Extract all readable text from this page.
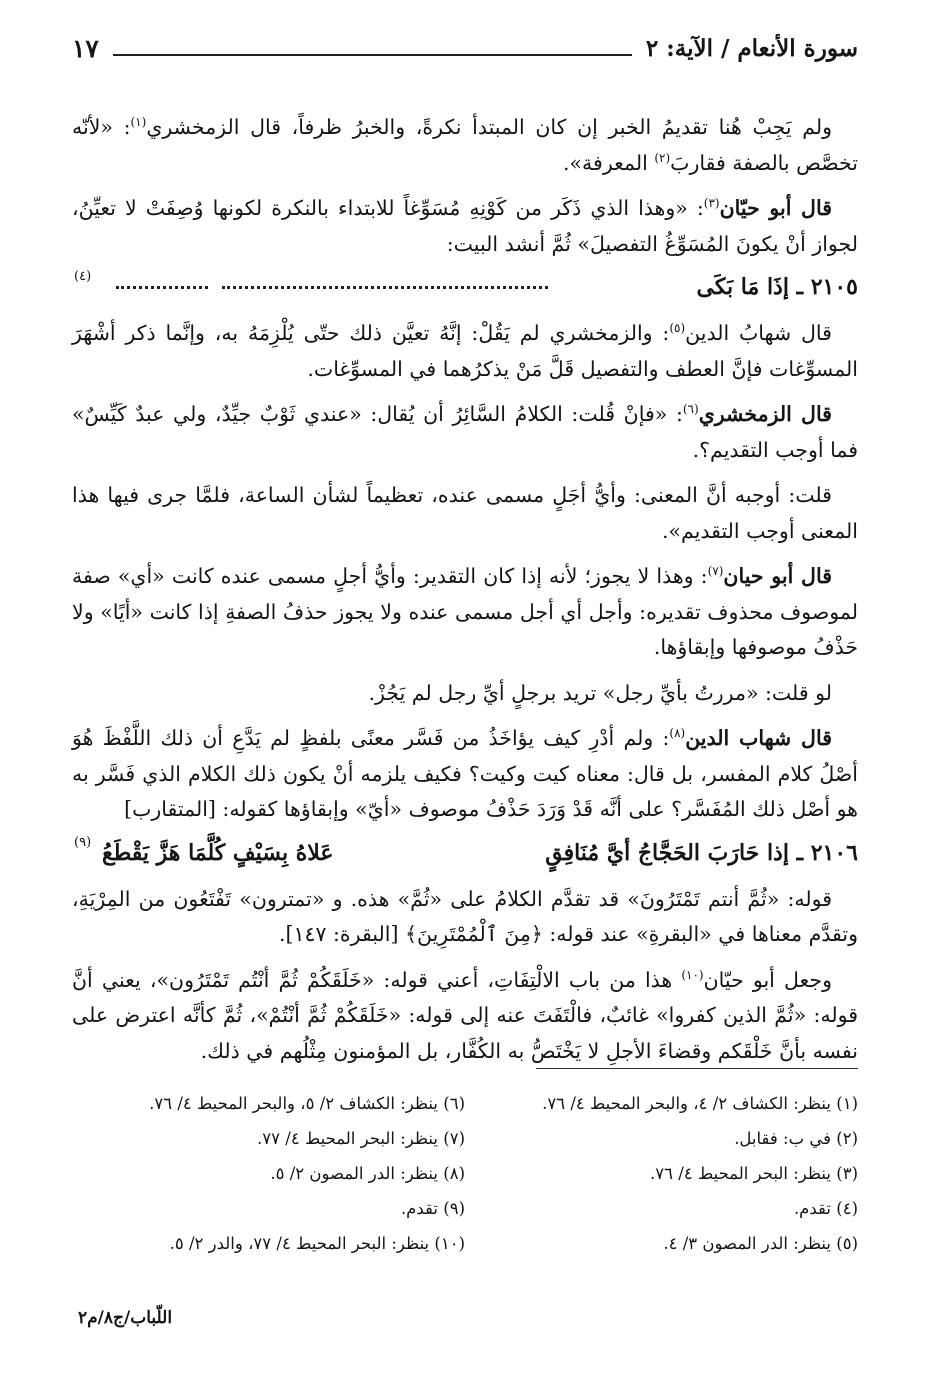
سورة الأنعام / الآية: ٢
١٧

ولم يَجِبْ هُنا تقديمُ الخبر إن كان المبتدأ نكرةً، والخبرُ ظرفاً، قال الزمخشري$^{(١)}$: «لأنّه تخصَّص بالصفة فقاربَ$^{(٢)}$ المعرفة».

قال أبو حيّان$^{(٣)}$: «وهذا الذي ذَكَر من كَوْنِهِ مُسَوِّغاً للابتداء بالنكرة لكونها وُصِفَتْ لا تعيِّنُ، لجواز أنْ يكونَ المُسَوِّغُ التفصيلَ» ثُمَّ أنشد البيت:

٢١٠٥ ـ إذَا مَا بَكَى
(٤)

قال شهابُ الدين$^{(٥)}$: والزمخشري لم يَقُلْ: إنَّهُ تعيَّن ذلك حتّى يُلْزِمَهُ به، وإنَّما ذكر أشْهَرَ المسوِّغات فإنَّ العطف والتفصيل قَلَّ مَنْ يذكرُهما في المسوِّغات.

قال الزمخشري$^{(٦)}$: «فإنْ قُلت: الكلامُ السَّائِرُ أن يُقال: «عندي ثَوْبٌ جيِّدٌ، ولي عبدٌ كَيِّسٌ» فما أوجب التقديم؟.

قلت: أوجبه أنَّ المعنى: وأيُّ أجَلٍ مسمى عنده، تعظيماً لشأن الساعة، فلمَّا جرى فيها هذا المعنى أوجب التقديم».

قال أبو حيان$^{(٧)}$: وهذا لا يجوز؛ لأنه إذا كان التقدير: وأيُّ أجلٍ مسمى عنده كانت «أي» صفة لموصوف محذوف تقديره: وأجل أي أجل مسمى عنده ولا يجوز حذفُ الصفةِ إذا كانت «أيًا» ولا حَذْفُ موصوفها وإبقاؤها.

لو قلت: «مررتُ بأيِّ رجل» تريد برجلٍ أيِّ رجل لم يَجُزْ.

قال شهاب الدين$^{(٨)}$: ولم أدْرِ كيف يؤاخَذُ من فَسَّر معنًى بلفظٍ لم يَدَّعِ أن ذلك اللَّفْظَ هُوَ أصْلُ كلام المفسر، بل قال: معناه كيت وكيت؟ فكيف يلزمه أنْ يكون ذلك الكلام الذي فَسَّر به هو أصْل ذلك المُفَسَّر؟ على أنَّه قَدْ وَرَدَ حَذْفُ موصوف «أيّ» وإبقاؤها كقوله: [المتقارب]

٢١٠٦ ـ إذا حَارَبَ الحَجَّاجُ أيَّ مُنَافِقٍ
عَلاهُ بِسَيْفٍ كُلَّمَا هَزَّ يَقْطَعُ
(٩)

قوله: «ثُمَّ أنتم تَمْتَرُونَ» قد تقدَّم الكلامُ على «ثُمَّ» هذه. و «تمترون» تَفْتَعُون من المِرْيَةِ، وتقدَّم معناها في «البقرةِ» عند قوله: ﴿مِنَ ٱلْمُمْتَرِينَ﴾ [البقرة: ١٤٧].

وجعل أبو حيّان$^{(١٠)}$ هذا من باب الالْتِفَاتِ، أعني قوله: «خَلَقَكُمْ ثُمَّ أنْتُم تَمْتَرُون»، يعني أنَّ قوله: «ثُمَّ الذين كفروا» غائبٌ، فالْتَفَتَ عنه إلى قوله: «خَلَقَكُمْ ثُمَّ أنْتُمْ»، ثُمَّ كأنَّه اعترض على نفسه بأنَّ خَلْقَكم وقضاءَ الأجلِ لا يَخْتَصُّ به الكُفَّار، بل المؤمنون مِثْلُهم في ذلك.

(١) ينظر: الكشاف ٢/ ٤، والبحر المحيط ٤/ ٧٦.
(٢) في ب: فقابل.
(٣) ينظر: البحر المحيط ٤/ ٧٦.
(٤) تقدم.
(٥) ينظر: الدر المصون ٣/ ٤.
(٦) ينظر: الكشاف ٢/ ٥، والبحر المحيط ٤/ ٧٦.
(٧) ينظر: البحر المحيط ٤/ ٧٧.
(٨) ينظر: الدر المصون ٢/ ٥.
(٩) تقدم.
(١٠) ينظر: البحر المحيط ٤/ ٧٧، والدر ٢/ ٥.
اللّباب/ج٨/م٢
